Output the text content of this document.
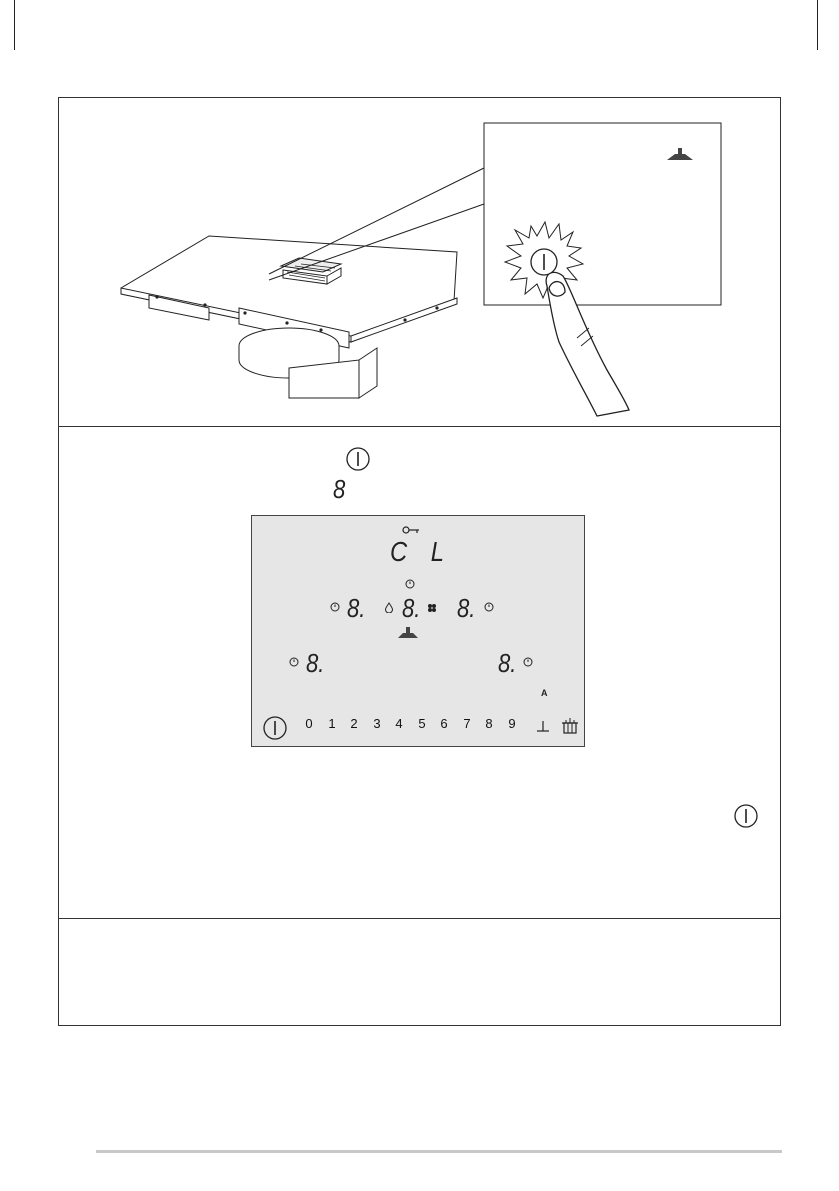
8
C L
8. 8. 8.
8.	8.
A
0 1 2 3 4 5 6 7 8 9
